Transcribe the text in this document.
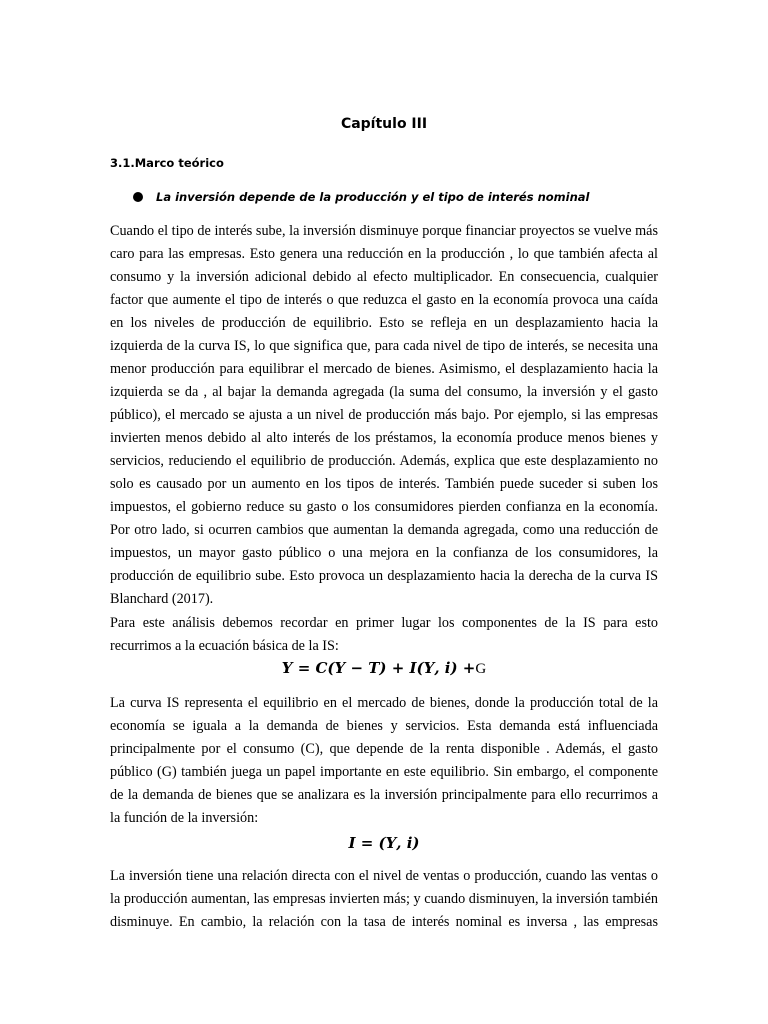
Capítulo III
3.1.Marco teórico
La inversión depende de la producción y el tipo de interés nominal
Cuando el tipo de interés sube, la inversión disminuye porque financiar proyectos se vuelve más
caro para las empresas. Esto genera una reducción en la producción , lo que también afecta al
consumo y la inversión adicional debido al efecto multiplicador. En consecuencia, cualquier
factor que aumente el tipo de interés o que reduzca el gasto en la economía provoca una caída
en los niveles de producción de equilibrio. Esto se refleja en un desplazamiento hacia la
izquierda de la curva IS, lo que significa que, para cada nivel de tipo de interés, se necesita una
menor producción para equilibrar el mercado de bienes. Asimismo, el desplazamiento hacia la
izquierda se da , al bajar la demanda agregada (la suma del consumo, la inversión y el gasto
público), el mercado se ajusta a un nivel de producción más bajo. Por ejemplo, si las empresas
invierten menos debido al alto interés de los préstamos, la economía produce menos bienes y
servicios, reduciendo el equilibrio de producción. Además, explica que este desplazamiento no
solo es causado por un aumento en los tipos de interés. También puede suceder si suben los
impuestos, el gobierno reduce su gasto o los consumidores pierden confianza en la economía.
Por otro lado, si ocurren cambios que aumentan la demanda agregada, como una reducción de
impuestos, un mayor gasto público o una mejora en la confianza de los consumidores, la
producción de equilibrio sube. Esto provoca un desplazamiento hacia la derecha de la curva IS
Blanchard (2017).
Para este análisis debemos recordar en primer lugar los componentes de la IS para esto
recurrimos a la ecuación básica de la IS:
𝒀 = 𝑪(𝒀 − 𝑻) + 𝑰(𝒀, 𝒊) +G
La curva IS representa el equilibrio en el mercado de bienes, donde la producción total de la
economía se iguala a la demanda de bienes y servicios. Esta demanda está influenciada
principalmente por el consumo (C), que depende de la renta disponible . Además, el gasto
público (G) también juega un papel importante en este equilibrio. Sin embargo, el componente
de la demanda de bienes que se analizara es la inversión principalmente para ello recurrimos a
la función de la inversión:
𝑰 = (𝒀, 𝒊)
La inversión tiene una relación directa con el nivel de ventas o producción, cuando las ventas o
la producción aumentan, las empresas invierten más; y cuando disminuyen, la inversión también
disminuye. En cambio, la relación con la tasa de interés nominal es inversa , las empresas
